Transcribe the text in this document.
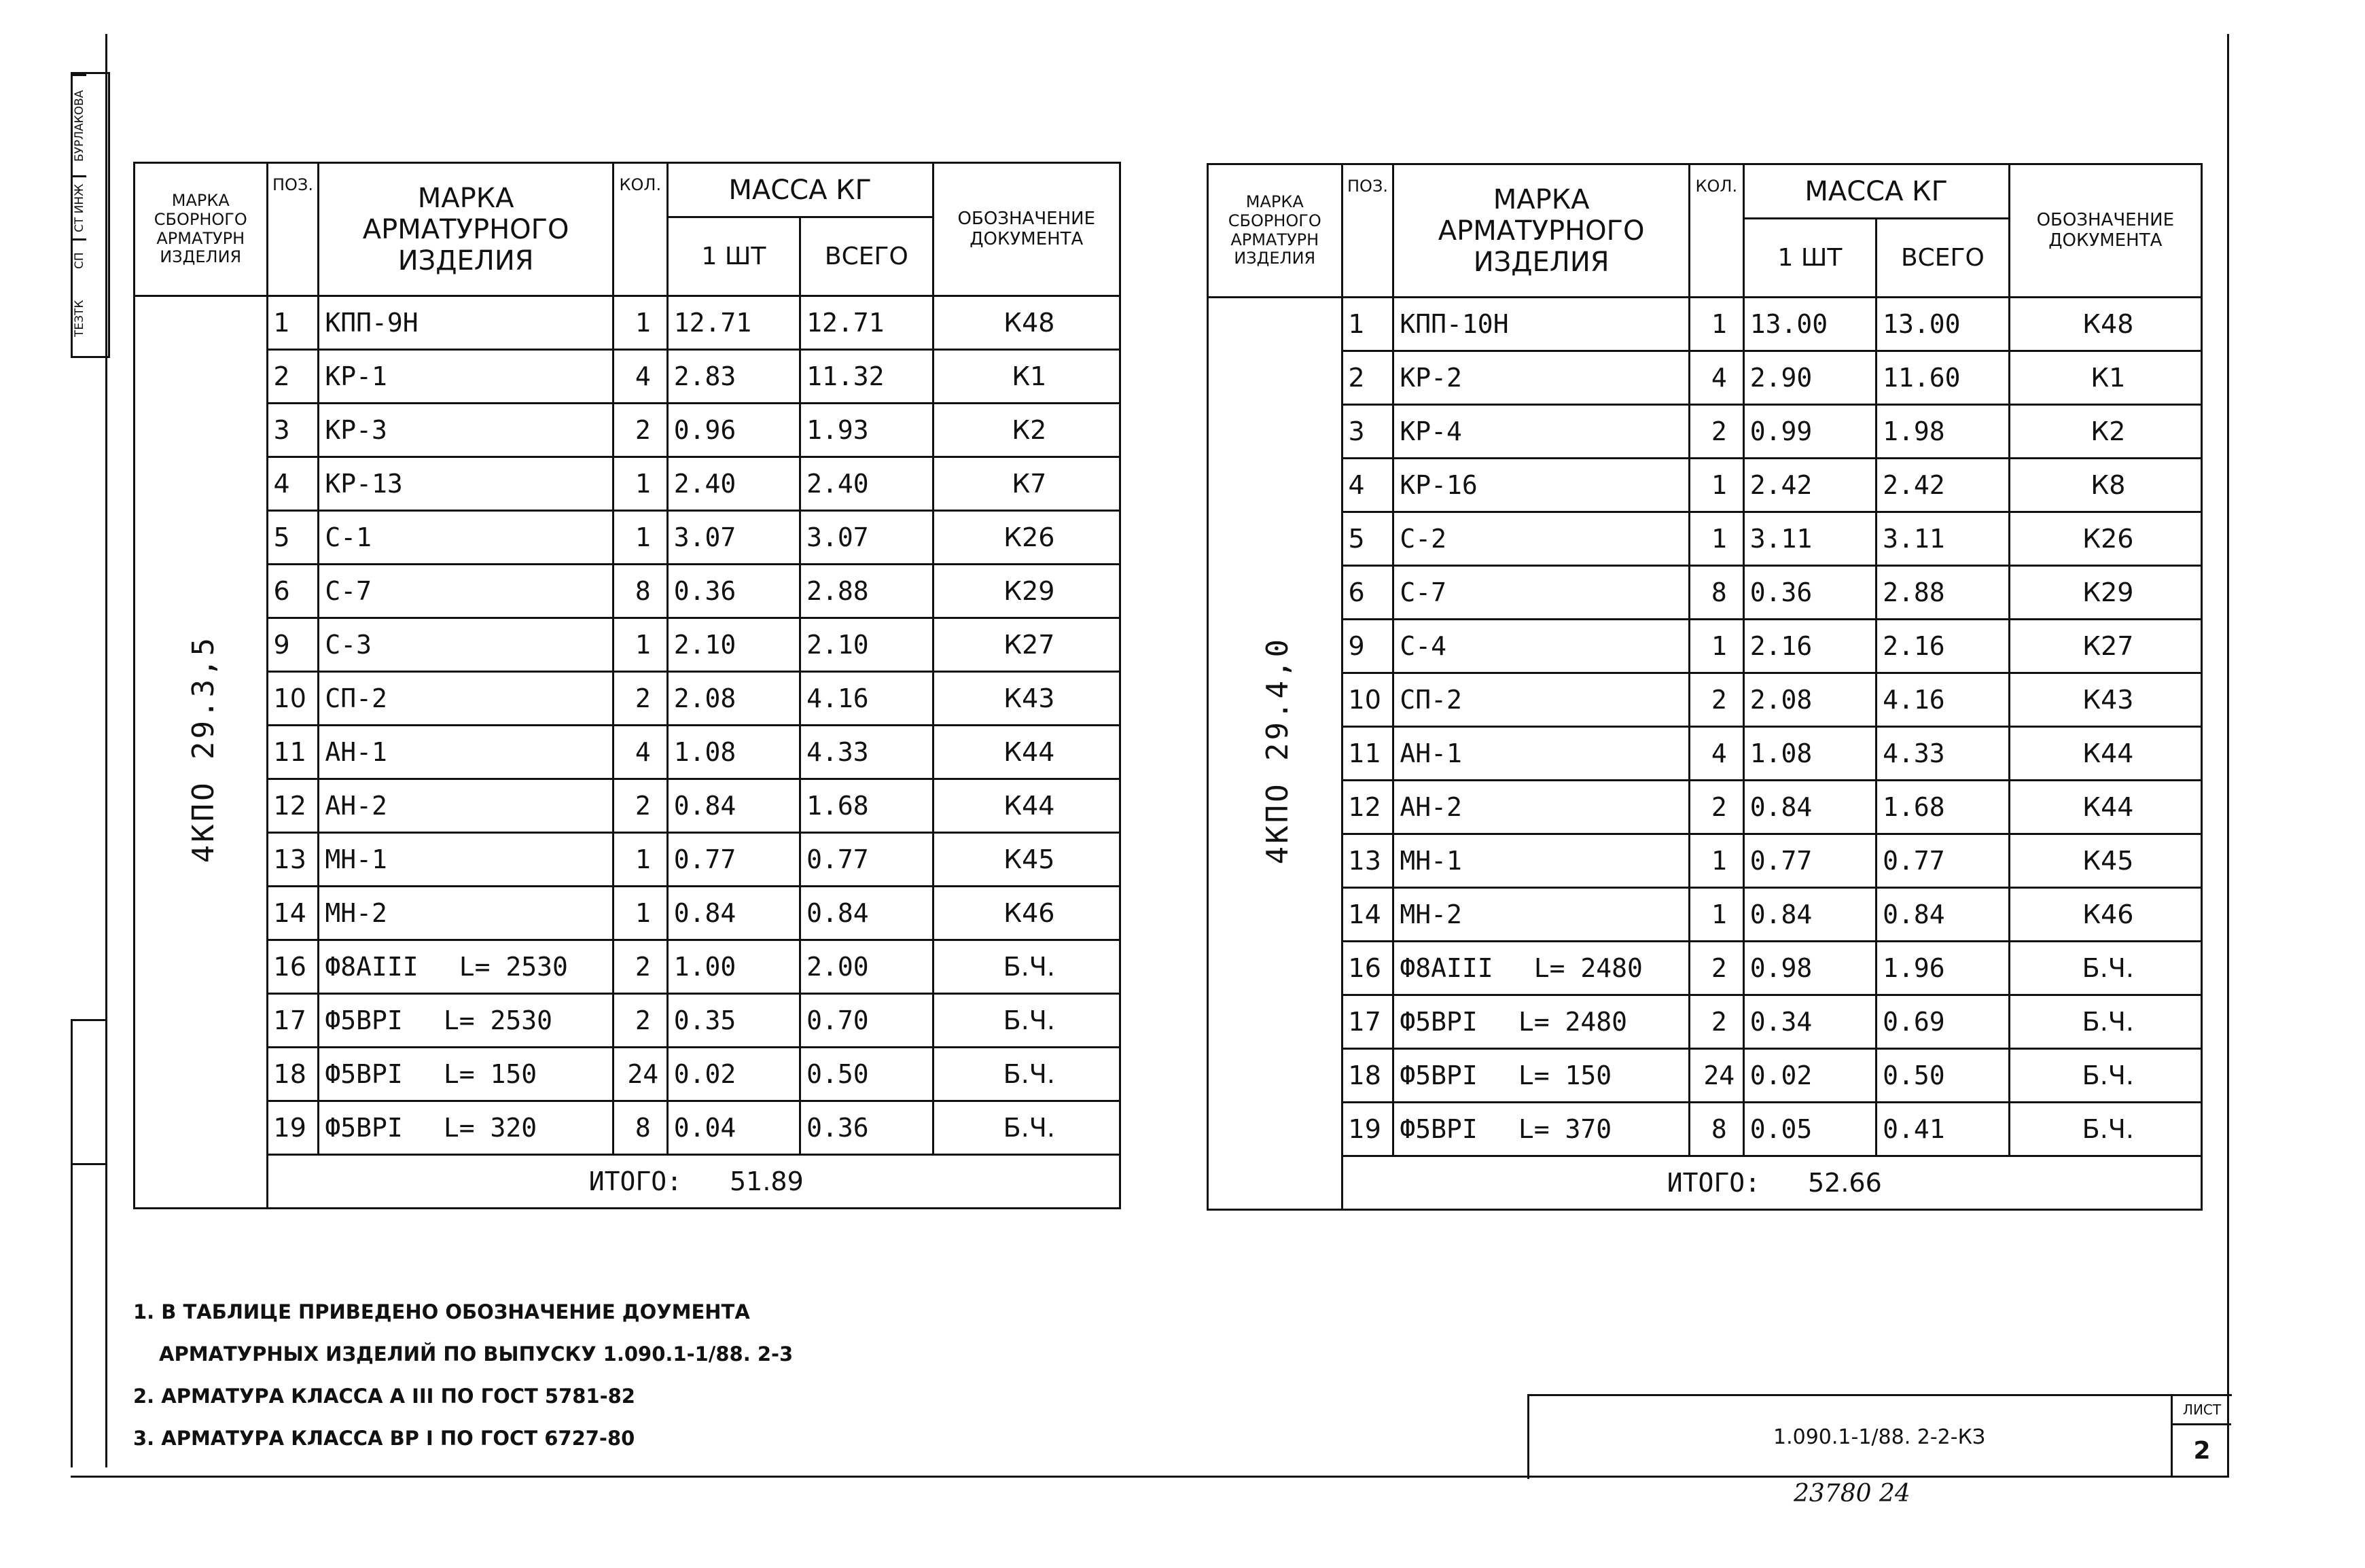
БУРЛАКОВА
СТ ИНЖ
СП
ТЕЗТК
МАРКА СБОРНОГО АРМАТУРН ИЗДЕЛИЯ	ПОЗ.	МАРКА АРМАТУРНОГО ИЗДЕЛИЯ	КОЛ.	МАССА КГ		ОБОЗНАЧЕНИЕ ДОКУМЕНТА
				1 ШТ	ВСЕГО	
4КПО 29.3,5	1	КПП-9Н	1	12.71	12.71	К48
	2	КР-1	4	2.83	11.32	К1
	3	КР-3	2	0.96	1.93	К2
	4	КР-13	1	2.40	2.40	К7
	5	С-1	1	3.07	3.07	К26
	6	С-7	8	0.36	2.88	К29
	9	С-3	1	2.10	2.10	К27
	10	СП-2	2	2.08	4.16	К43
	11	АН-1	4	1.08	4.33	К44
	12	АН-2	2	0.84	1.68	К44
	13	МН-1	1	0.77	0.77	К45
	14	МН-2	1	0.84	0.84	К46
	16	Ф8АIII L= 2530	2	1.00	2.00	Б.Ч.
	17	Ф5ВРI L= 2530	2	0.35	0.70	Б.Ч.
	18	Ф5ВРI L= 150	24	0.02	0.50	Б.Ч.
	19	Ф5ВРI L= 320	8	0.04	0.36	Б.Ч.
	ИТОГО: 51.89					
МАРКА СБОРНОГО АРМАТУРН ИЗДЕЛИЯ	ПОЗ.	МАРКА АРМАТУРНОГО ИЗДЕЛИЯ	КОЛ.	МАССА КГ		ОБОЗНАЧЕНИЕ ДОКУМЕНТА
				1 ШТ	ВСЕГО	
4КПО 29.4,0	1	КПП-10Н	1	13.00	13.00	К48
	2	КР-2	4	2.90	11.60	К1
	3	КР-4	2	0.99	1.98	К2
	4	КР-16	1	2.42	2.42	К8
	5	С-2	1	3.11	3.11	К26
	6	С-7	8	0.36	2.88	К29
	9	С-4	1	2.16	2.16	К27
	10	СП-2	2	2.08	4.16	К43
	11	АН-1	4	1.08	4.33	К44
	12	АН-2	2	0.84	1.68	К44
	13	МН-1	1	0.77	0.77	К45
	14	МН-2	1	0.84	0.84	К46
	16	Ф8АIII L= 2480	2	0.98	1.96	Б.Ч.
	17	Ф5ВРI L= 2480	2	0.34	0.69	Б.Ч.
	18	Ф5ВРI L= 150	24	0.02	0.50	Б.Ч.
	19	Ф5ВРI L= 370	8	0.05	0.41	Б.Ч.
	ИТОГО: 52.66					
1. В ТАБЛИЦЕ ПРИВЕДЕНО ОБОЗНАЧЕНИЕ ДОУМЕНТА
АРМАТУРНЫХ ИЗДЕЛИЙ ПО ВЫПУСКУ 1.090.1-1/88. 2-3
2. АРМАТУРА КЛАССА А III ПО ГОСТ 5781-82
3. АРМАТУРА КЛАССА ВР I ПО ГОСТ 6727-80	1.090.1-1/88. 2-2-КЗ
ЛИСТ
2
23780 24
